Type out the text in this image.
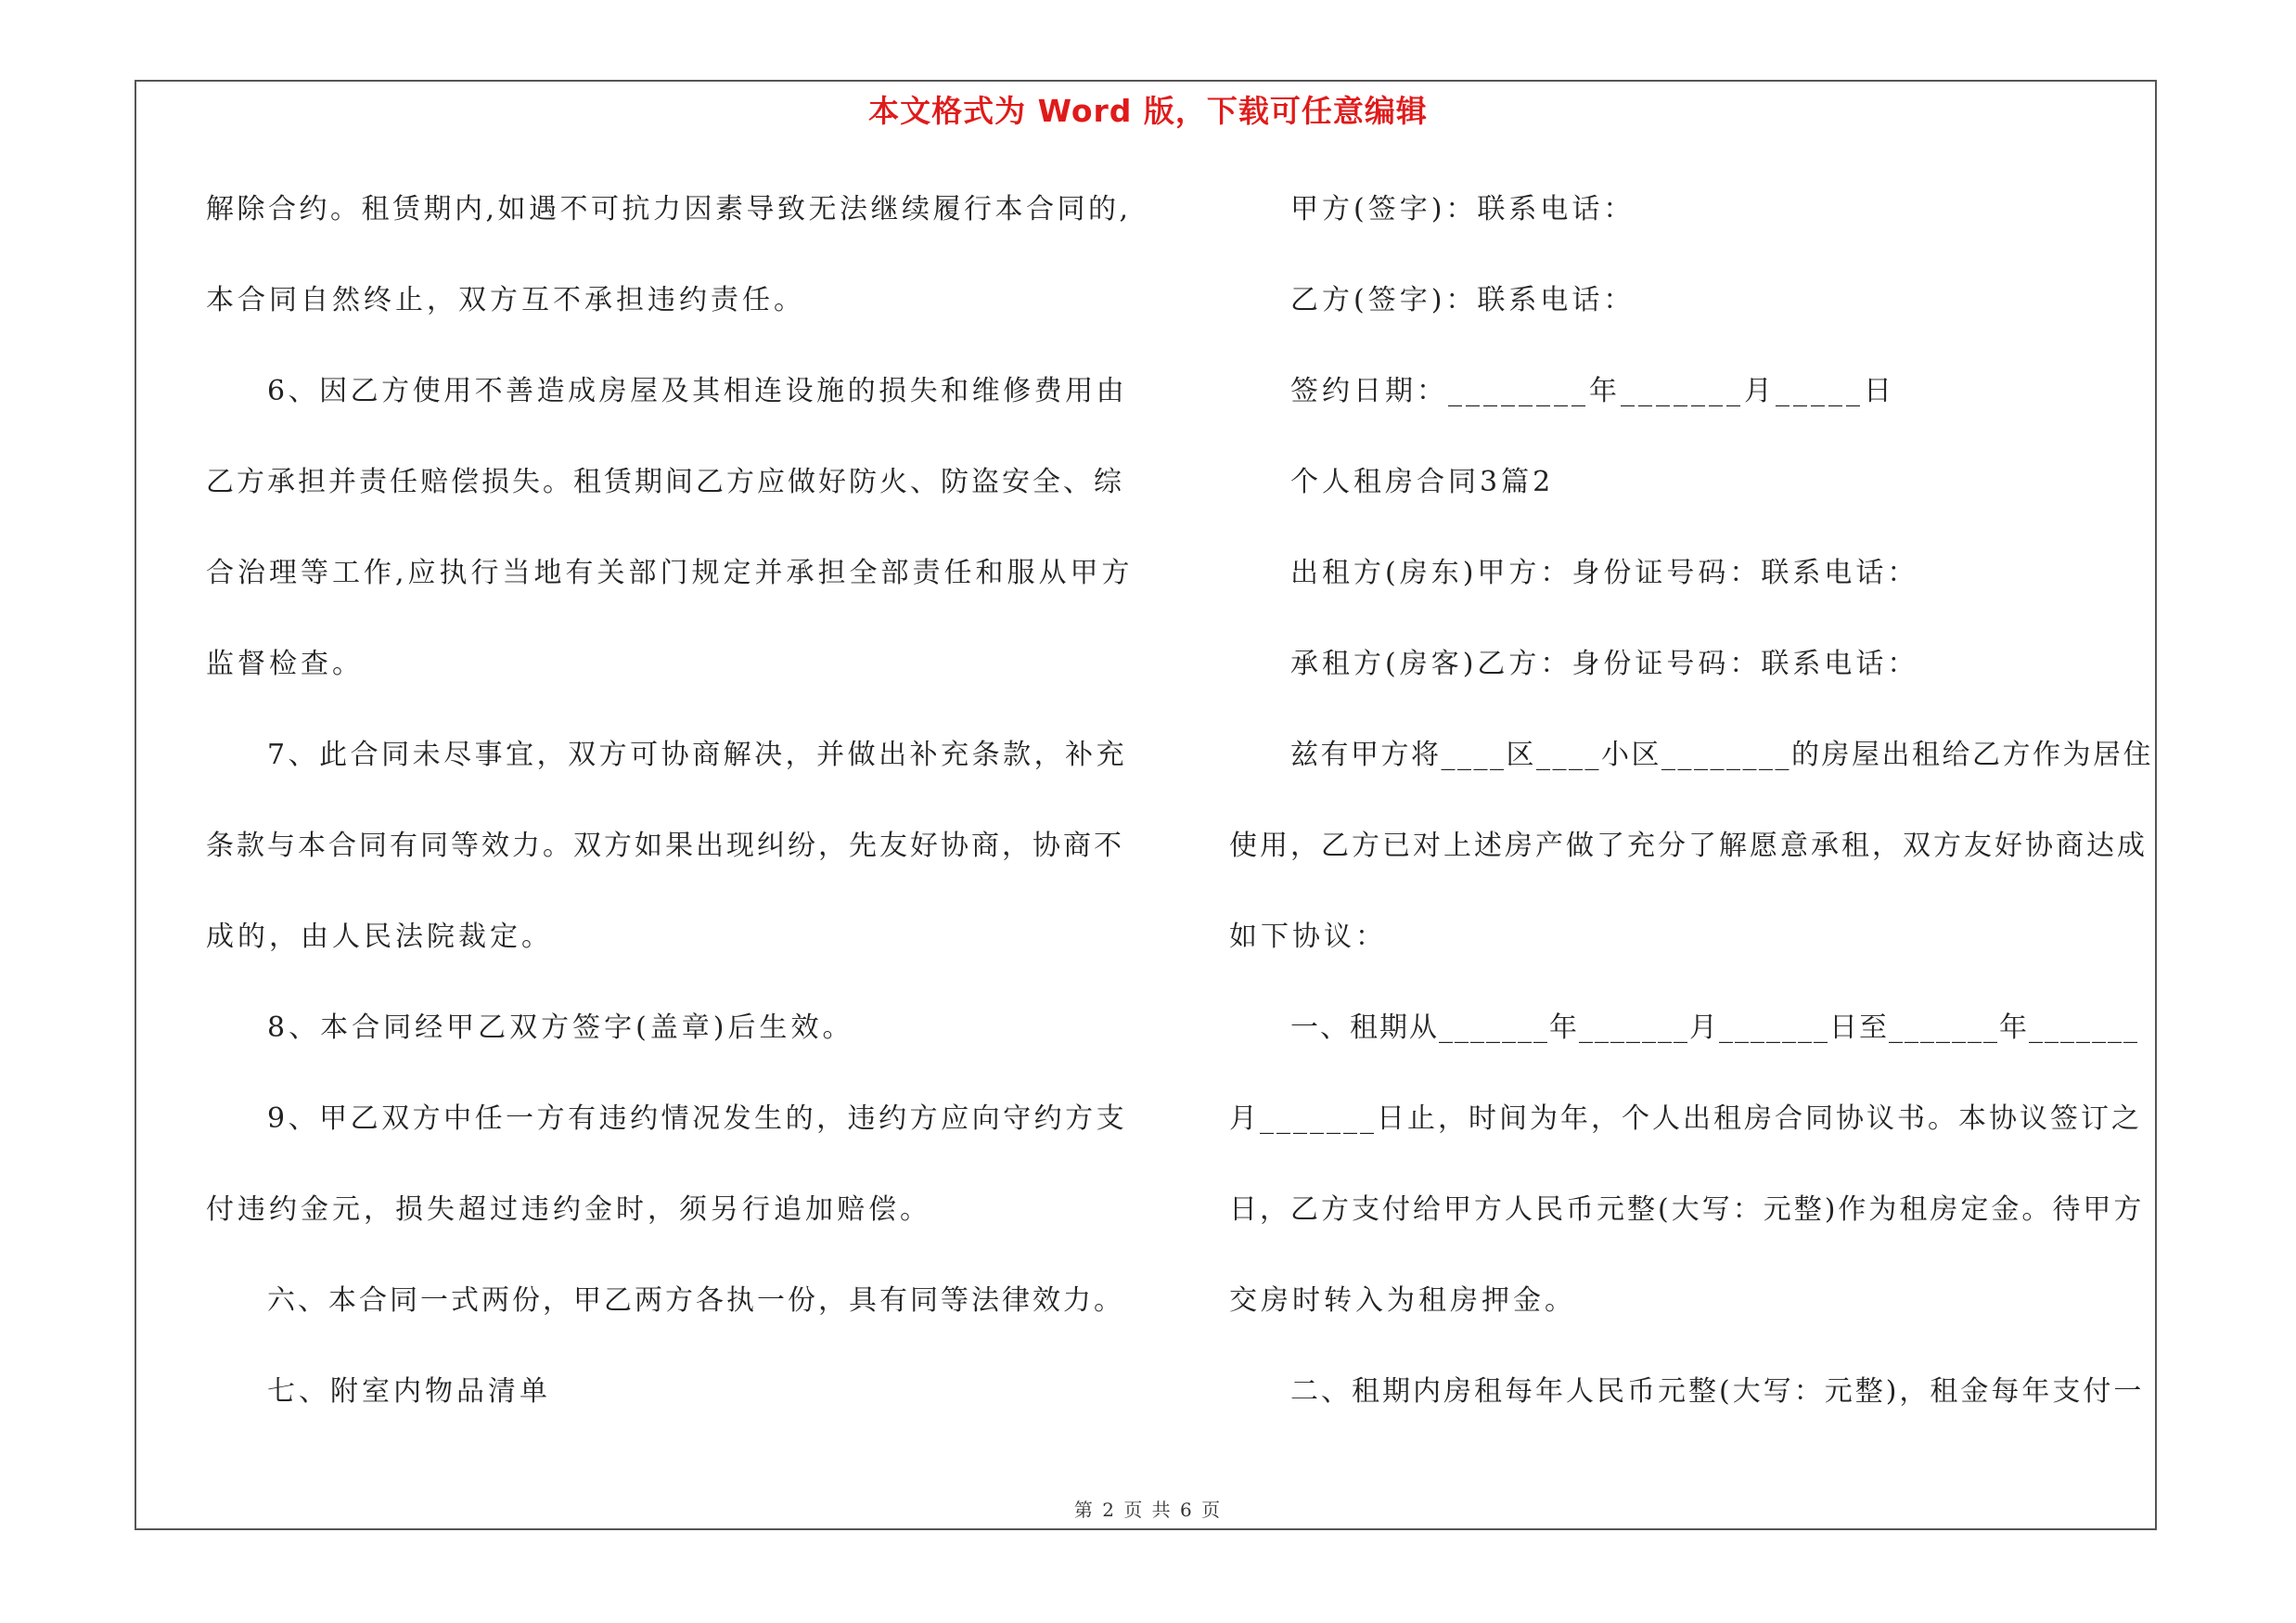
本文格式为 Word 版，下载可任意编辑
解除合约。租赁期内,如遇不可抗力因素导致无法继续履行本合同的,
本合同自然终止，双方互不承担违约责任。
6、因乙方使用不善造成房屋及其相连设施的损失和维修费用由
乙方承担并责任赔偿损失。租赁期间乙方应做好防火、防盗安全、综
合治理等工作,应执行当地有关部门规定并承担全部责任和服从甲方
监督检查。
7、此合同未尽事宜，双方可协商解决，并做出补充条款，补充
条款与本合同有同等效力。双方如果出现纠纷，先友好协商，协商不
成的，由人民法院裁定。
8、本合同经甲乙双方签字(盖章)后生效。
9、甲乙双方中任一方有违约情况发生的，违约方应向守约方支
付违约金元，损失超过违约金时，须另行追加赔偿。
六、本合同一式两份，甲乙两方各执一份，具有同等法律效力。
七、附室内物品清单
甲方(签字)：联系电话：
乙方(签字)：联系电话：
签约日期：________年_______月_____日
个人租房合同3篇2
出租方(房东)甲方：身份证号码：联系电话：
承租方(房客)乙方：身份证号码：联系电话：
兹有甲方将____区____小区________的房屋出租给乙方作为居住
使用，乙方已对上述房产做了充分了解愿意承租，双方友好协商达成
如下协议：
一、租期从_______年_______月_______日至_______年_______
月_______日止，时间为年，个人出租房合同协议书。本协议签订之
日，乙方支付给甲方人民币元整(大写：元整)作为租房定金。待甲方
交房时转入为租房押金。
二、租期内房租每年人民币元整(大写：元整)，租金每年支付一
第 2 页 共 6 页
